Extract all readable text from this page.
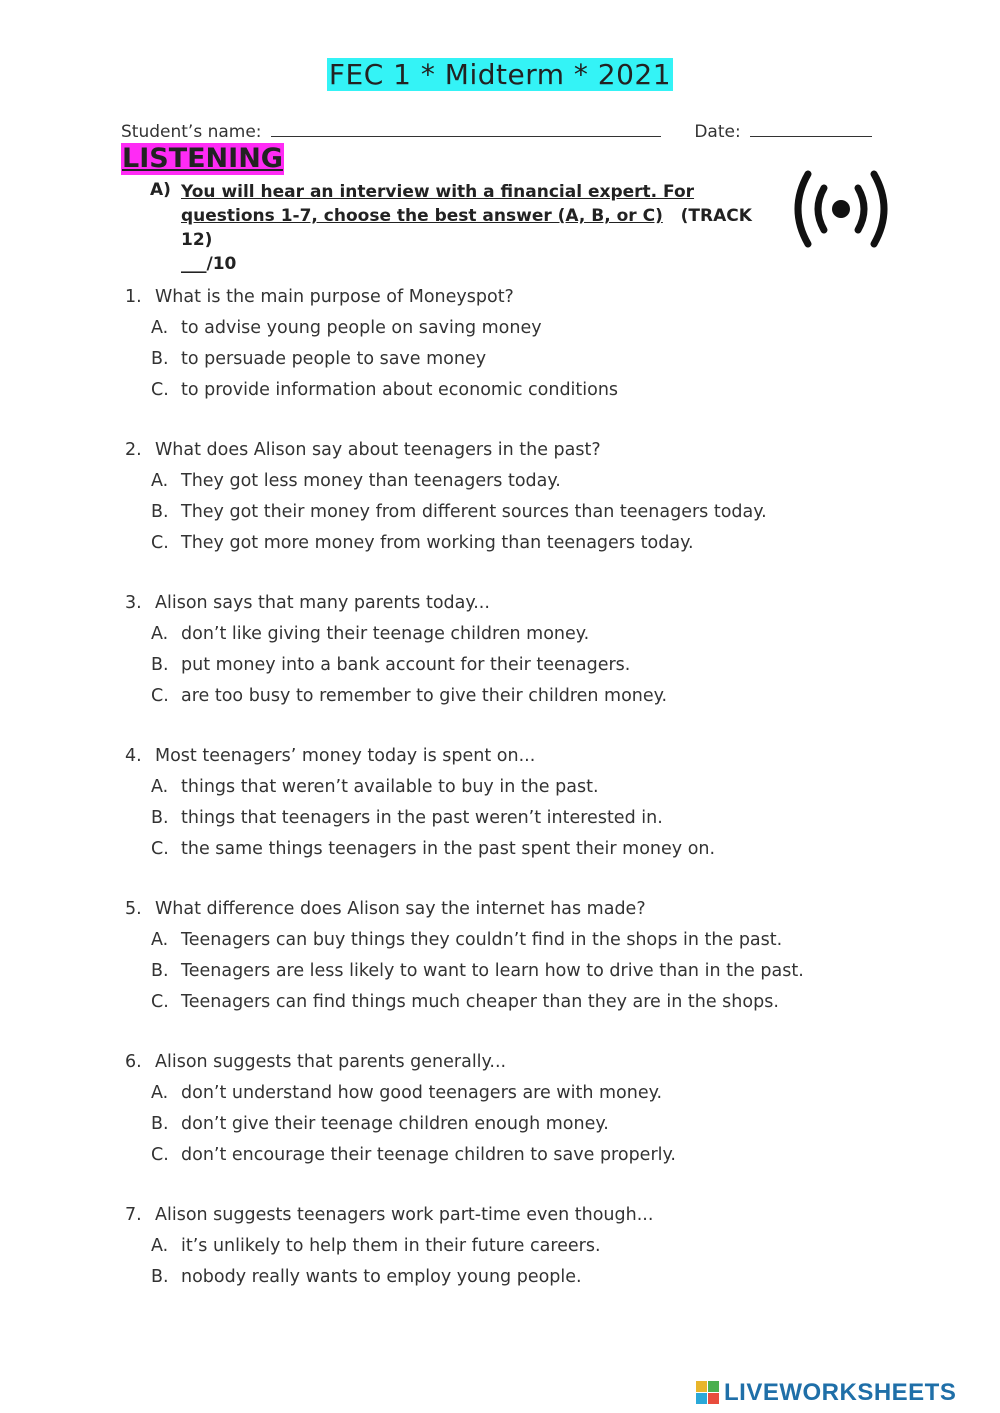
FEC 1 * Midterm * 2021
Student’s name:	Date:
LISTENING
A) You will hear an interview with a financial expert. For
questions 1-7, choose the best answer (A, B, or C) (TRACK 12)
___/10
1. What is the main purpose of Moneyspot?
A. to advise young people on saving money
B. to persuade people to save money
C. to provide information about economic conditions
2. What does Alison say about teenagers in the past?
A. They got less money than teenagers today.
B. They got their money from different sources than teenagers today.
C. They got more money from working than teenagers today.
3. Alison says that many parents today...
A. don’t like giving their teenage children money.
B. put money into a bank account for their teenagers.
C. are too busy to remember to give their children money.
4. Most teenagers’ money today is spent on...
A. things that weren’t available to buy in the past.
B. things that teenagers in the past weren’t interested in.
C. the same things teenagers in the past spent their money on.
5. What difference does Alison say the internet has made?
A. Teenagers can buy things they couldn’t find in the shops in the past.
B. Teenagers are less likely to want to learn how to drive than in the past.
C. Teenagers can find things much cheaper than they are in the shops.
6. Alison suggests that parents generally...
A. don’t understand how good teenagers are with money.
B. don’t give their teenage children enough money.
C. don’t encourage their teenage children to save properly.
7. Alison suggests teenagers work part-time even though...
A. it’s unlikely to help them in their future careers.
B. nobody really wants to employ young people.
LIVEWORKSHEETS
